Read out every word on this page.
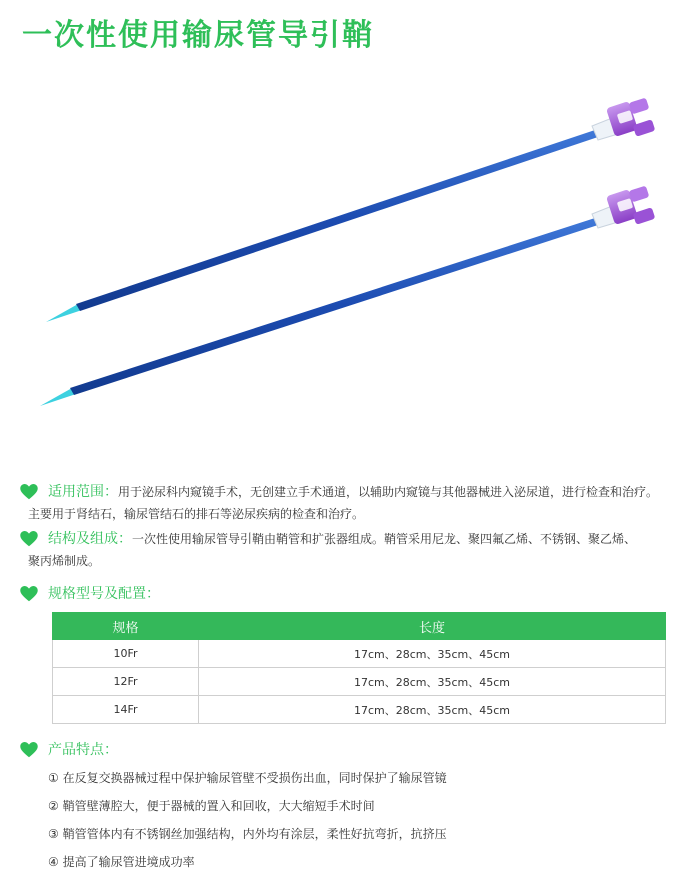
一次性使用输尿管导引鞘
适用范围：用于泌尿科内窥镜手术，无创建立手术通道，以辅助内窥镜与其他器械进入泌尿道，进行检查和治疗。
主要用于肾结石，输尿管结石的排石等泌尿疾病的检查和治疗。
结构及组成：一次性使用输尿管导引鞘由鞘管和扩张器组成。鞘管采用尼龙、聚四氟乙烯、不锈钢、聚乙烯、
聚丙烯制成。
规格型号及配置：
规格	长度
10Fr	17cm、28cm、35cm、45cm
12Fr	17cm、28cm、35cm、45cm
14Fr	17cm、28cm、35cm、45cm
产品特点：
① 在反复交换器械过程中保护输尿管壁不受损伤出血，同时保护了输尿管镜
② 鞘管壁薄腔大，便于器械的置入和回收，大大缩短手术时间
③ 鞘管管体内有不锈钢丝加强结构，内外均有涂层，柔性好抗弯折，抗挤压
④ 提高了输尿管进境成功率
